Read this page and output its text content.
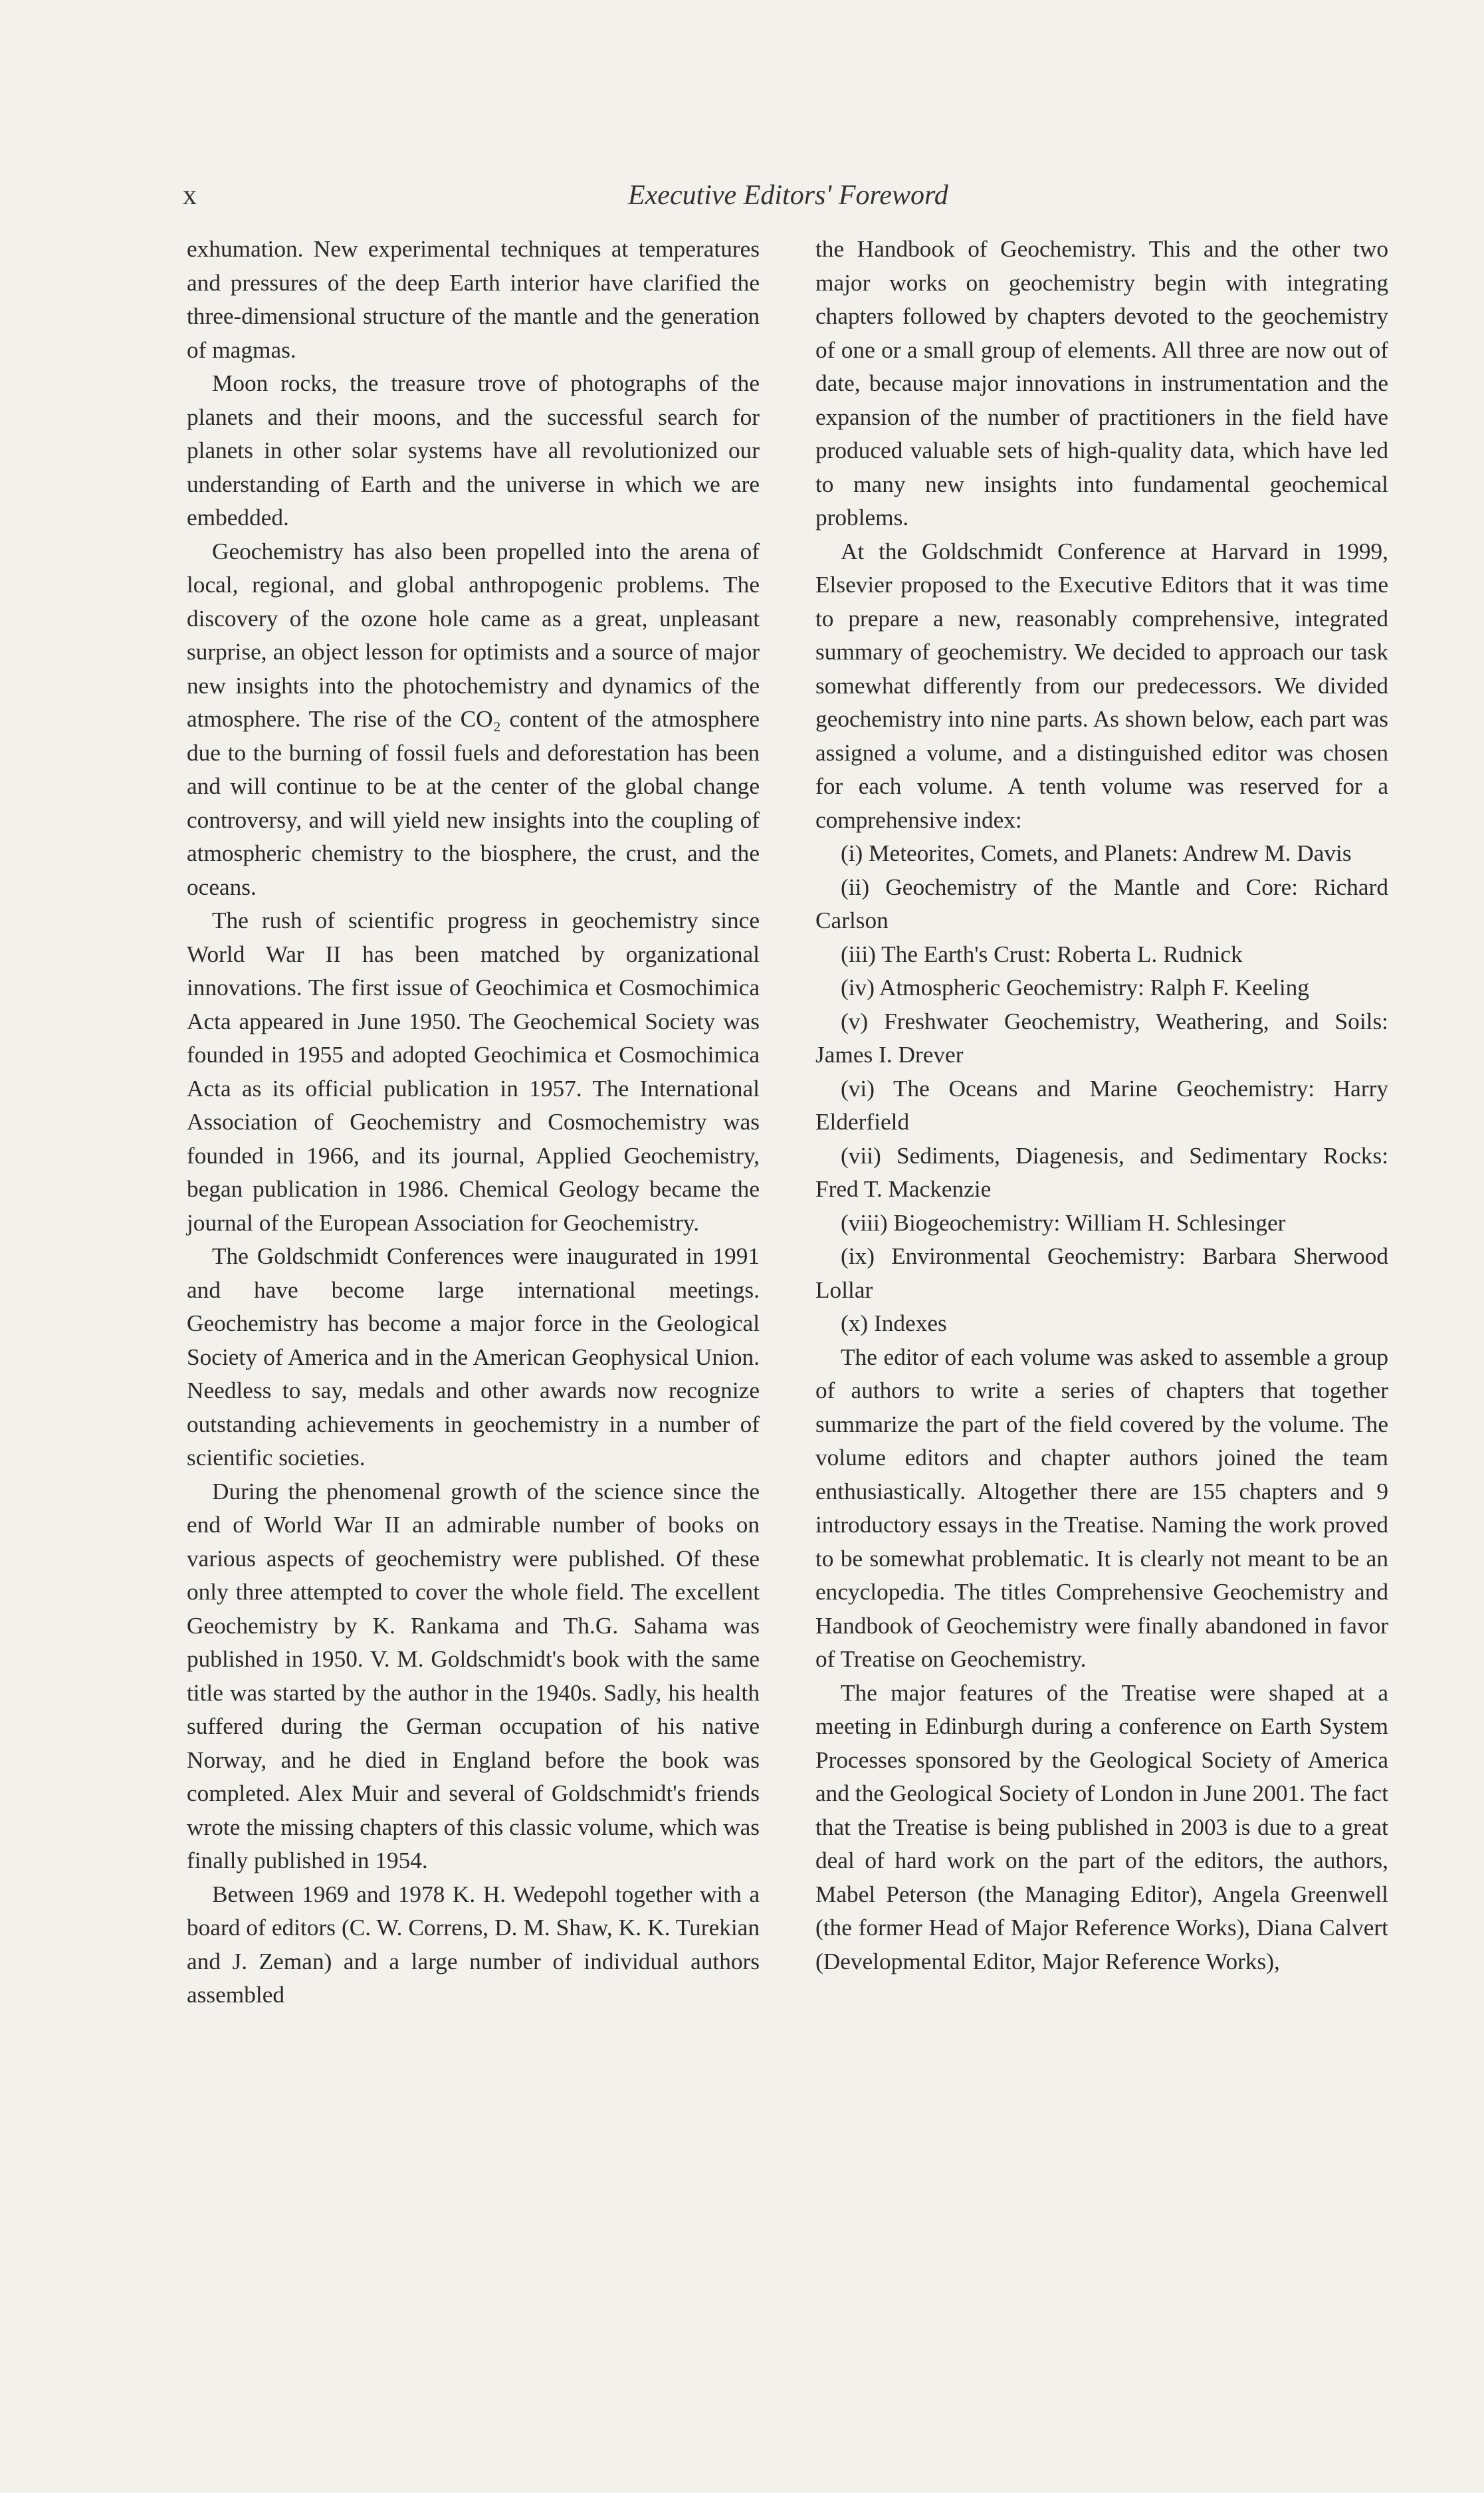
x	Executive Editors' Foreword

exhumation. New experimental techniques at temperatures and pressures of the deep Earth interior have clarified the three-dimensional structure of the mantle and the generation of magmas.

Moon rocks, the treasure trove of photographs of the planets and their moons, and the successful search for planets in other solar systems have all revolutionized our understanding of Earth and the universe in which we are embedded.

Geochemistry has also been propelled into the arena of local, regional, and global anthropogenic problems. The discovery of the ozone hole came as a great, unpleasant surprise, an object lesson for optimists and a source of major new insights into the photochemistry and dynamics of the atmosphere. The rise of the CO₂ content of the atmosphere due to the burning of fossil fuels and deforestation has been and will continue to be at the center of the global change controversy, and will yield new insights into the coupling of atmospheric chemistry to the biosphere, the crust, and the oceans.

The rush of scientific progress in geochemistry since World War II has been matched by organizational innovations. The first issue of Geochimica et Cosmochimica Acta appeared in June 1950. The Geochemical Society was founded in 1955 and adopted Geochimica et Cosmochimica Acta as its official publication in 1957. The International Association of Geochemistry and Cosmochemistry was founded in 1966, and its journal, Applied Geochemistry, began publication in 1986. Chemical Geology became the journal of the European Association for Geochemistry.

The Goldschmidt Conferences were inaugurated in 1991 and have become large international meetings. Geochemistry has become a major force in the Geological Society of America and in the American Geophysical Union. Needless to say, medals and other awards now recognize outstanding achievements in geochemistry in a number of scientific societies.

During the phenomenal growth of the science since the end of World War II an admirable number of books on various aspects of geochemistry were published. Of these only three attempted to cover the whole field. The excellent Geochemistry by K. Rankama and Th.G. Sahama was published in 1950. V. M. Goldschmidt's book with the same title was started by the author in the 1940s. Sadly, his health suffered during the German occupation of his native Norway, and he died in England before the book was completed. Alex Muir and several of Goldschmidt's friends wrote the missing chapters of this classic volume, which was finally published in 1954.

Between 1969 and 1978 K. H. Wedepohl together with a board of editors (C. W. Correns, D. M. Shaw, K. K. Turekian and J. Zeman) and a large number of individual authors assembled

the Handbook of Geochemistry. This and the other two major works on geochemistry begin with integrating chapters followed by chapters devoted to the geochemistry of one or a small group of elements. All three are now out of date, because major innovations in instrumentation and the expansion of the number of practitioners in the field have produced valuable sets of high-quality data, which have led to many new insights into fundamental geochemical problems.

At the Goldschmidt Conference at Harvard in 1999, Elsevier proposed to the Executive Editors that it was time to prepare a new, reasonably comprehensive, integrated summary of geochemistry. We decided to approach our task somewhat differently from our predecessors. We divided geochemistry into nine parts. As shown below, each part was assigned a volume, and a distinguished editor was chosen for each volume. A tenth volume was reserved for a comprehensive index:

(i) Meteorites, Comets, and Planets: Andrew M. Davis

(ii) Geochemistry of the Mantle and Core: Richard Carlson

(iii) The Earth's Crust: Roberta L. Rudnick

(iv) Atmospheric Geochemistry: Ralph F. Keeling

(v) Freshwater Geochemistry, Weathering, and Soils: James I. Drever

(vi) The Oceans and Marine Geochemistry: Harry Elderfield

(vii) Sediments, Diagenesis, and Sedimentary Rocks: Fred T. Mackenzie

(viii) Biogeochemistry: William H. Schlesinger

(ix) Environmental Geochemistry: Barbara Sherwood Lollar

(x) Indexes

The editor of each volume was asked to assemble a group of authors to write a series of chapters that together summarize the part of the field covered by the volume. The volume editors and chapter authors joined the team enthusiastically. Altogether there are 155 chapters and 9 introductory essays in the Treatise. Naming the work proved to be somewhat problematic. It is clearly not meant to be an encyclopedia. The titles Comprehensive Geochemistry and Handbook of Geochemistry were finally abandoned in favor of Treatise on Geochemistry.

The major features of the Treatise were shaped at a meeting in Edinburgh during a conference on Earth System Processes sponsored by the Geological Society of America and the Geological Society of London in June 2001. The fact that the Treatise is being published in 2003 is due to a great deal of hard work on the part of the editors, the authors, Mabel Peterson (the Managing Editor), Angela Greenwell (the former Head of Major Reference Works), Diana Calvert (Developmental Editor, Major Reference Works),
